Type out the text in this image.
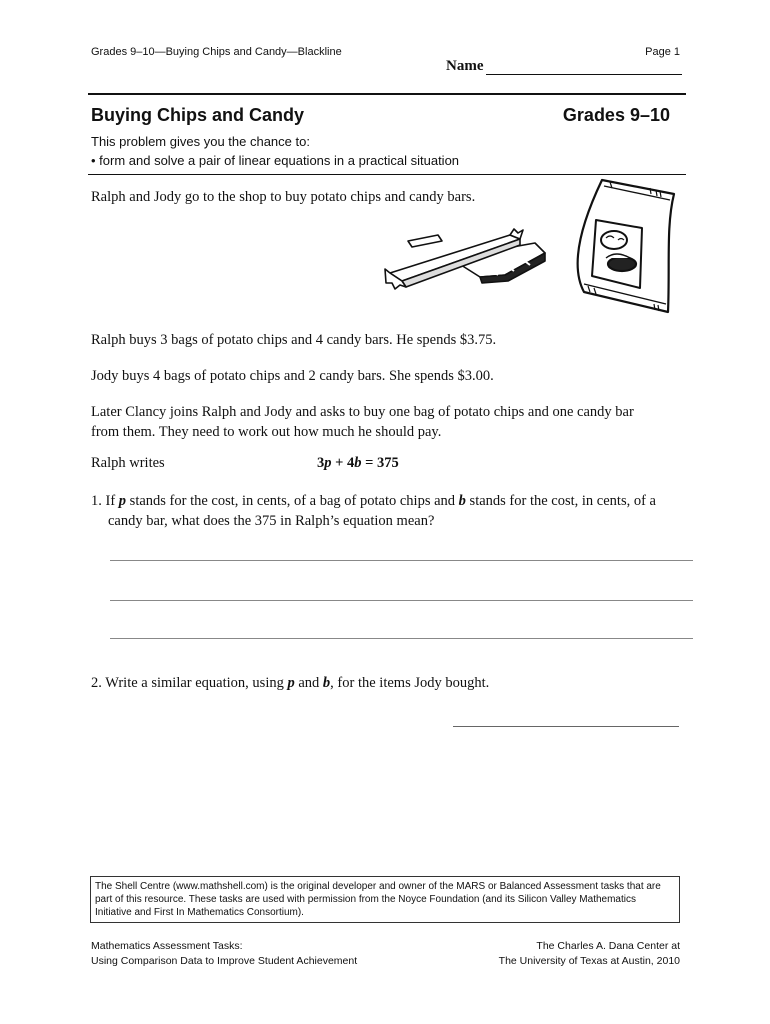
Grades 9–10—Buying Chips and Candy—Blackline	Page 1
Name
Buying Chips and Candy	Grades 9–10
This problem gives you the chance to:
• form and solve a pair of linear equations in a practical situation
Ralph and Jody go to the shop to buy potato chips and candy bars.
Ralph buys 3 bags of potato chips and 4 candy bars. He spends $3.75.
Jody buys 4 bags of potato chips and 2 candy bars. She spends $3.00.
Later Clancy joins Ralph and Jody and asks to buy one bag of potato chips and one candy bar
from them. They need to work out how much he should pay.
Ralph writes	3p + 4b = 375
1. If p stands for the cost, in cents, of a bag of potato chips and b stands for the cost, in cents, of a
candy bar, what does the 375 in Ralph’s equation mean?
2. Write a similar equation, using p and b, for the items Jody bought.
The Shell Centre (www.mathshell.com) is the original developer and owner of the MARS or Balanced Assessment tasks that are part of this resource. These tasks are used with permission from the Noyce Foundation (and its Silicon Valley Mathematics Initiative and First In Mathematics Consortium).
Mathematics Assessment Tasks:
Using Comparison Data to Improve Student Achievement
The Charles A. Dana Center at
The University of Texas at Austin, 2010
